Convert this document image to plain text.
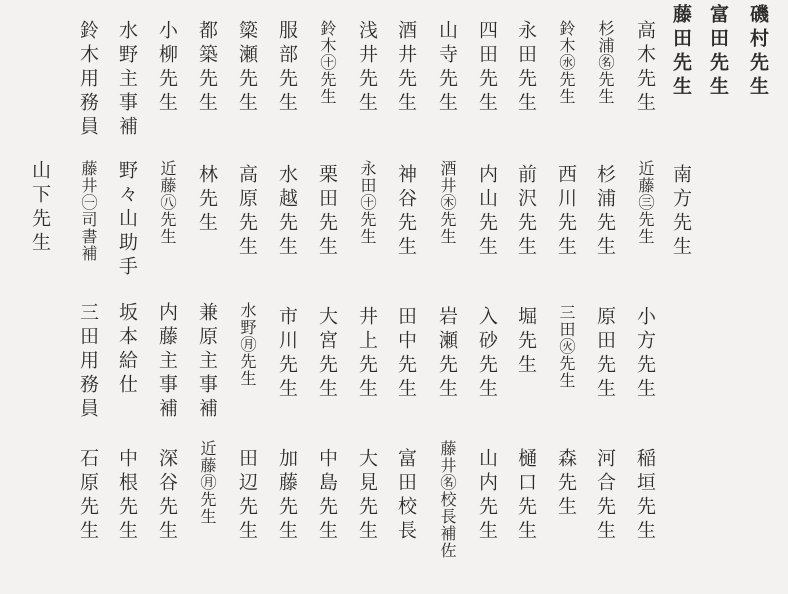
磯村先生
富田先生
藤田先生
南方先生
高木先生
近藤㊂先生
小方先生
稲垣先生
杉浦㊔先生
杉浦先生
原田先生
河合先生
鈴木㊌先生
西川先生
三田㊋先生
森先生
永田先生
前沢先生
堀先生
樋口先生
四田先生
内山先生
入砂先生
山内先生
山寺先生
酒井㊍先生
岩瀬先生
藤井㊔校長補佐
酒井先生
神谷先生
田中先生
富田校長
浅井先生
永田㊉先生
井上先生
大見先生
鈴木㊉先生
栗田先生
大宮先生
中島先生
服部先生
水越先生
市川先生
加藤先生
簗瀬先生
高原先生
水野㊊先生
田辺先生
都築先生
林先生
兼原主事補
近藤㊊先生
小柳先生
近藤㊇先生
内藤主事補
深谷先生
水野主事補
野々山助手
坂本給仕
中根先生
鈴木用務員
藤井㊀司書補
三田用務員
石原先生
山下先生
